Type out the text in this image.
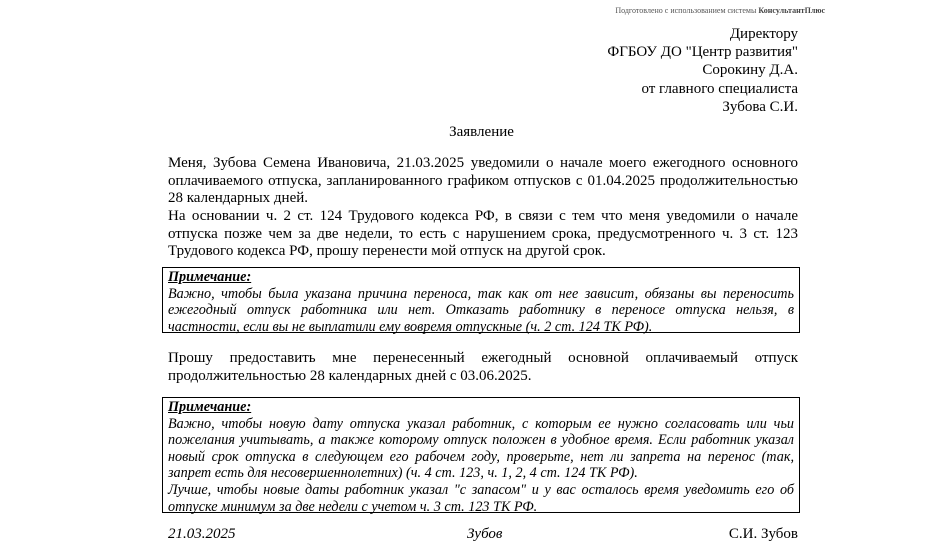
Подготовлено с использованием системы КонсультантПлюс
Директору
ФГБОУ ДО "Центр развития"
Сорокину Д.А.
от главного специалиста
Зубова С.И.
Заявление
Меня, Зубова Семена Ивановича, 21.03.2025 уведомили о начале моего ежегодного основного оплачиваемого отпуска, запланированного графиком отпусков с 01.04.2025 продолжительностью 28 календарных дней.
На основании ч. 2 ст. 124 Трудового кодекса РФ, в связи с тем что меня уведомили о начале отпуска позже чем за две недели, то есть с нарушением срока, предусмотренного ч. 3 ст. 123 Трудового кодекса РФ, прошу перенести мой отпуск на другой срок.
Примечание:

Важно, чтобы была указана причина переноса, так как от нее зависит, обязаны вы переносить ежегодный отпуск работника или нет. Отказать работнику в переносе отпуска нельзя, в частности, если вы не выплатили ему вовремя отпускные (ч. 2 ст. 124 ТК РФ).

Прошу предоставить мне перенесенный ежегодный основной оплачиваемый отпуск продолжительностью 28 календарных дней с 03.06.2025.
Примечание:

Важно, чтобы новую дату отпуска указал работник, с которым ее нужно согласовать или чьи пожелания учитывать, а также которому отпуск положен в удобное время. Если работник указал новый срок отпуска в следующем его рабочем году, проверьте, нет ли запрета на перенос (так, запрет есть для несовершеннолетних) (ч. 4 ст. 123, ч. 1, 2, 4 ст. 124 ТК РФ).

Лучше, чтобы новые даты работник указал "с запасом" и у вас осталось время уведомить его об отпуске минимум за две недели с учетом ч. 3 ст. 123 ТК РФ.

21.03.2025	Зубов	С.И. Зубов
